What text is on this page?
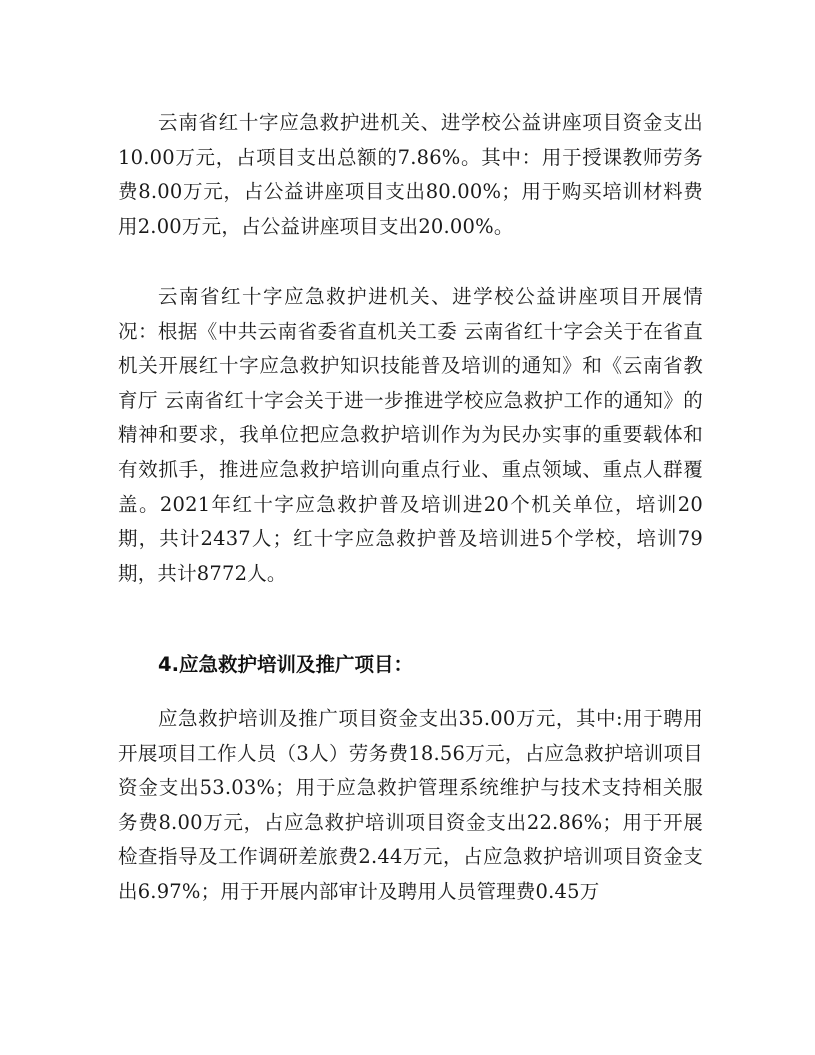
云南省红十字应急救护进机关、进学校公益讲座项目资金支出10.00万元，占项目支出总额的7.86%。其中：用于授课教师劳务费8.00万元，占公益讲座项目支出80.00%；用于购买培训材料费用2.00万元，占公益讲座项目支出20.00%。

云南省红十字应急救护进机关、进学校公益讲座项目开展情况：根据《中共云南省委省直机关工委 云南省红十字会关于在省直机关开展红十字应急救护知识技能普及培训的通知》和《云南省教育厅 云南省红十字会关于进一步推进学校应急救护工作的通知》的精神和要求，我单位把应急救护培训作为为民办实事的重要载体和有效抓手，推进应急救护培训向重点行业、重点领域、重点人群覆盖。2021年红十字应急救护普及培训进20个机关单位，培训20期，共计2437人；红十字应急救护普及培训进5个学校，培训79期，共计8772人。

4.应急救护培训及推广项目：

应急救护培训及推广项目资金支出35.00万元，其中:用于聘用开展项目工作人员（3人）劳务费18.56万元，占应急救护培训项目资金支出53.03%；用于应急救护管理系统维护与技术支持相关服务费8.00万元，占应急救护培训项目资金支出22.86%；用于开展检查指导及工作调研差旅费2.44万元，占应急救护培训项目资金支出6.97%；用于开展内部审计及聘用人员管理费0.45万
